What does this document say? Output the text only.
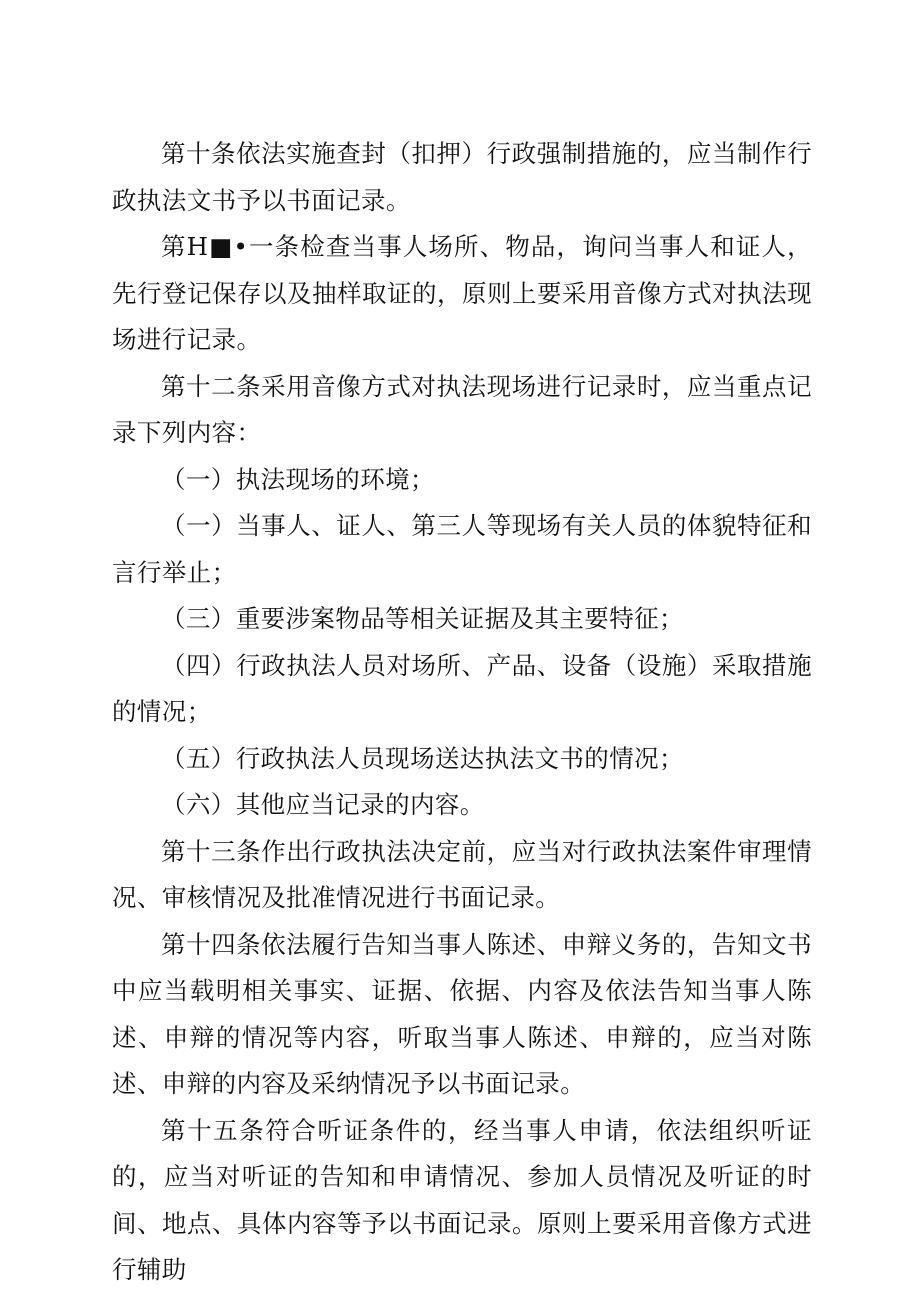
第十条依法实施查封（扣押）行政强制措施的，应当制作行政执法文书予以书面记录。

第H■•一条检查当事人场所、物品，询问当事人和证人，先行登记保存以及抽样取证的，原则上要采用音像方式对执法现场进行记录。

第十二条采用音像方式对执法现场进行记录时，应当重点记录下列内容：

（一）执法现场的环境；

（一）当事人、证人、第三人等现场有关人员的体貌特征和言行举止；

（三）重要涉案物品等相关证据及其主要特征；

（四）行政执法人员对场所、产品、设备（设施）采取措施的情况；

（五）行政执法人员现场送达执法文书的情况；

（六）其他应当记录的内容。

第十三条作出行政执法决定前，应当对行政执法案件审理情况、审核情况及批准情况进行书面记录。

第十四条依法履行告知当事人陈述、申辩义务的，告知文书中应当载明相关事实、证据、依据、内容及依法告知当事人陈述、申辩的情况等内容，听取当事人陈述、申辩的，应当对陈述、申辩的内容及采纳情况予以书面记录。

第十五条符合听证条件的，经当事人申请，依法组织听证的，应当对听证的告知和申请情况、参加人员情况及听证的时间、地点、具体内容等予以书面记录。原则上要采用音像方式进行辅助
